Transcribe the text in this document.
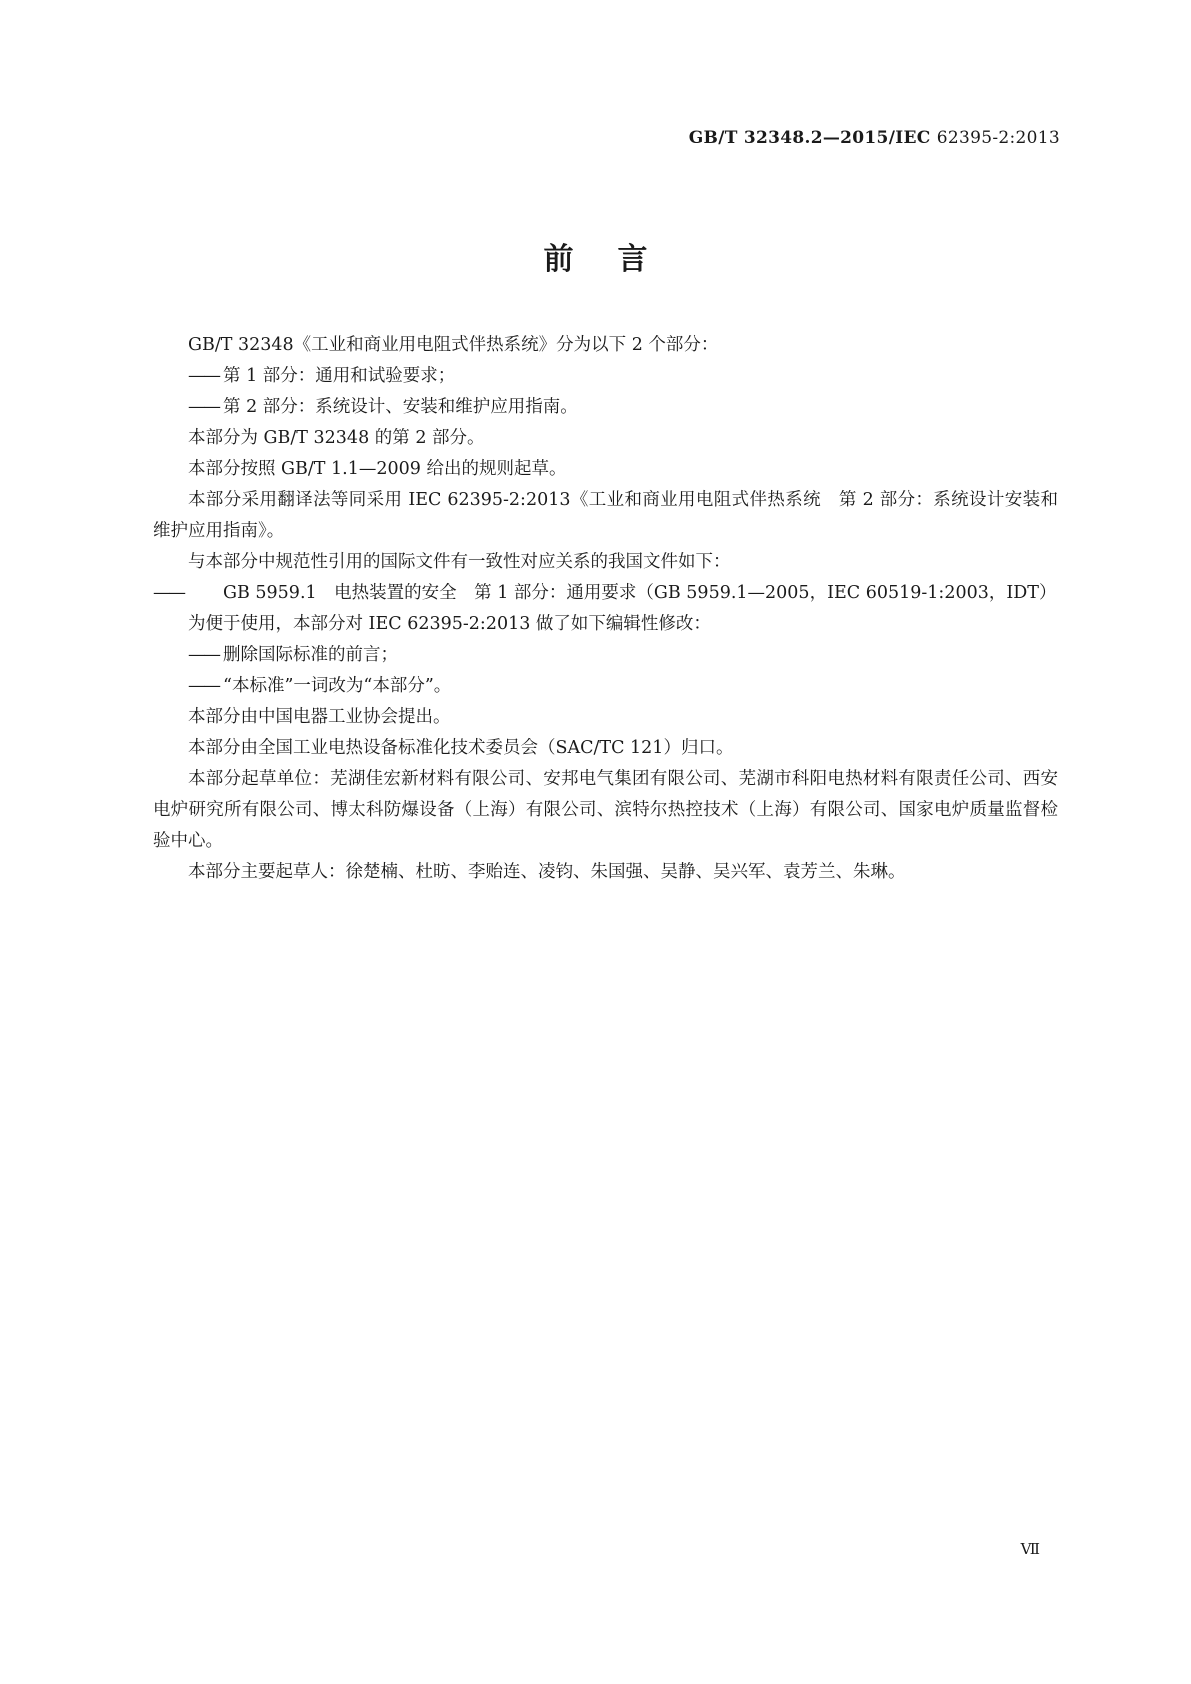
GB/T 32348.2—2015/IEC 62395-2:2013
前言
GB/T 32348《工业和商业用电阻式伴热系统》分为以下 2 个部分：
—— 第 1 部分：通用和试验要求；
—— 第 2 部分：系统设计、安装和维护应用指南。
本部分为 GB/T 32348 的第 2 部分。
本部分按照 GB/T 1.1—2009 给出的规则起草。
本部分采用翻译法等同采用 IEC 62395-2:2013《工业和商业用电阻式伴热系统　第 2 部分：系统设计安装和维护应用指南》。
与本部分中规范性引用的国际文件有一致性对应关系的我国文件如下：
—— GB 5959.1　电热装置的安全　第 1 部分：通用要求（GB 5959.1—2005，IEC 60519-1:2003，IDT）
为便于使用，本部分对 IEC 62395-2:2013 做了如下编辑性修改：
—— 删除国际标准的前言；
—— “本标准”一词改为“本部分”。
本部分由中国电器工业协会提出。
本部分由全国工业电热设备标准化技术委员会（SAC/TC 121）归口。
本部分起草单位：芜湖佳宏新材料有限公司、安邦电气集团有限公司、芜湖市科阳电热材料有限责任公司、西安电炉研究所有限公司、博太科防爆设备（上海）有限公司、滨特尔热控技术（上海）有限公司、国家电炉质量监督检验中心。
本部分主要起草人：徐楚楠、杜昉、李贻连、凌钧、朱国强、吴静、吴兴军、袁芳兰、朱琳。
Ⅶ
